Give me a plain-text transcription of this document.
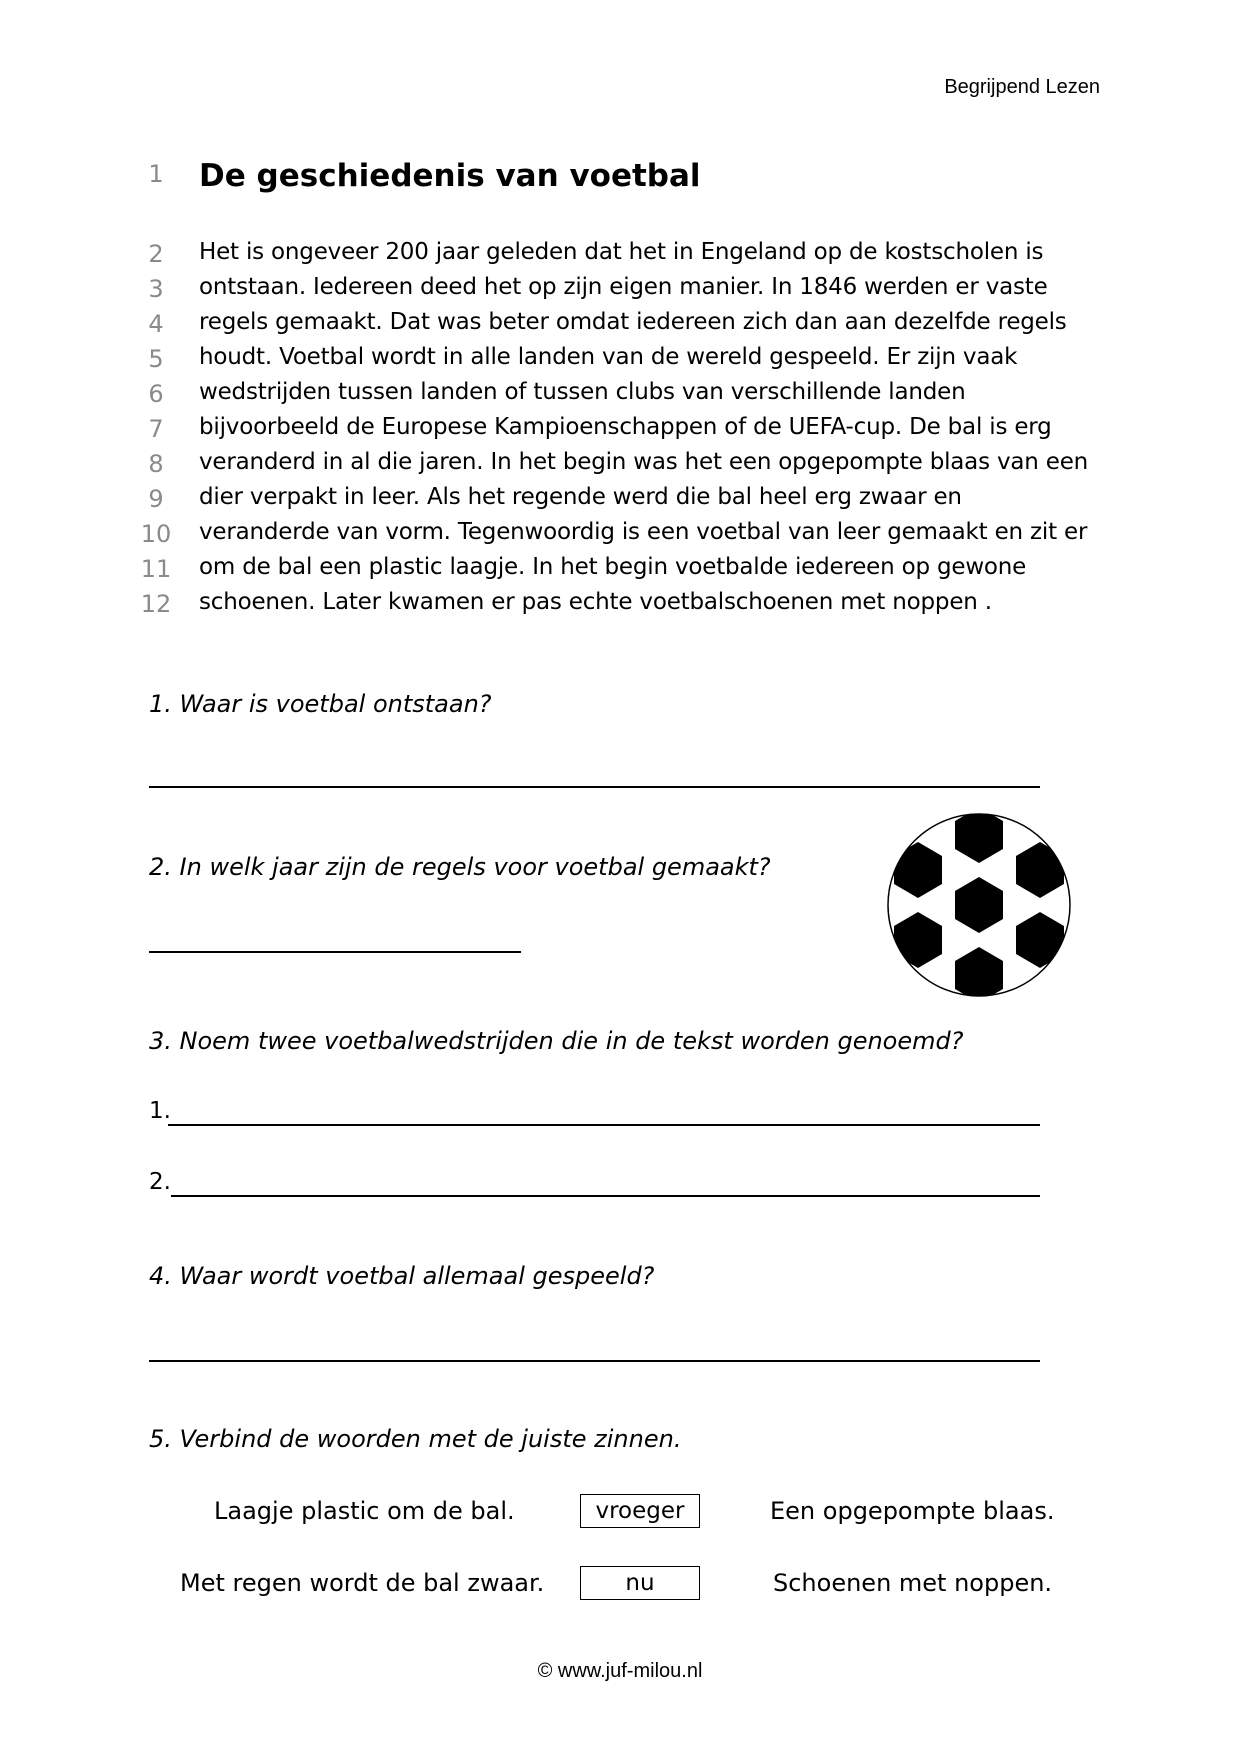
Begrijpend Lezen
1 De geschiedenis van voetbal
2	Het is ongeveer 200 jaar geleden dat het in Engeland op de kostscholen is
3	ontstaan. Iedereen deed het op zijn eigen manier. In 1846 werden er vaste
4	regels gemaakt. Dat was beter omdat iedereen zich dan aan dezelfde regels
5	houdt. Voetbal wordt in alle landen van de wereld gespeeld. Er zijn vaak
6	wedstrijden tussen landen of tussen clubs van verschillende landen
7	bijvoorbeeld de Europese Kampioenschappen of de UEFA-cup. De bal is erg
8	veranderd in al die jaren. In het begin was het een opgepompte blaas van een
9	dier verpakt in leer. Als het regende werd die bal heel erg zwaar en
10 veranderde van vorm. Tegenwoordig is een voetbal van leer gemaakt en zit er
11 om de bal een plastic laagje. In het begin voetbalde iedereen op gewone
12 schoenen. Later kwamen er pas echte voetbalschoenen met noppen .
1. Waar is voetbal ontstaan?
2. In welk jaar zijn de regels voor voetbal gemaakt?
3. Noem twee voetbalwedstrijden die in de tekst worden genoemd?
1.
2.
4. Waar wordt voetbal allemaal gespeeld?
5. Verbind de woorden met de juiste zinnen.
Laagje plastic om de bal.	vroeger	Een opgepompte blaas.
Met regen wordt de bal zwaar.	nu	Schoenen met noppen.
© www.juf-milou.nl
